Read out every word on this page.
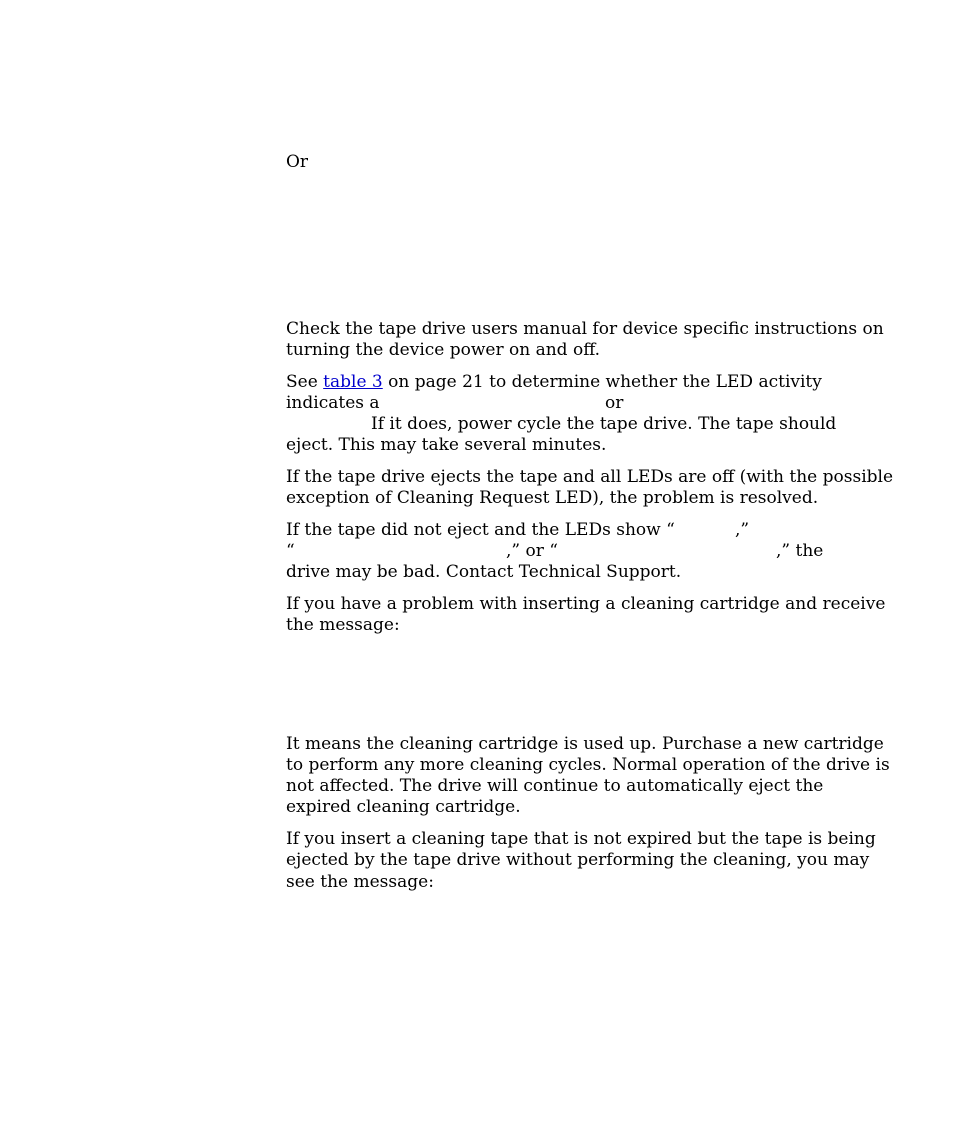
Or
Check the tape drive users manual for device specific instructions on
turning the device power on and off.
See table 3 on page 21 to determine whether the LED activity
indicates a	or
If it does, power cycle the tape drive. The tape should
eject. This may take several minutes.
If the tape drive ejects the tape and all LEDs are off (with the possible
exception of Cleaning Request LED), the problem is resolved.
If the tape did not eject and the LEDs show “	,”
“	,” or “	,” the
drive may be bad. Contact Technical Support.
If you have a problem with inserting a cleaning cartridge and receive
the message:
It means the cleaning cartridge is used up. Purchase a new cartridge
to perform any more cleaning cycles. Normal operation of the drive is
not affected. The drive will continue to automatically eject the
expired cleaning cartridge.
If you insert a cleaning tape that is not expired but the tape is being
ejected by the tape drive without performing the cleaning, you may
see the message:
